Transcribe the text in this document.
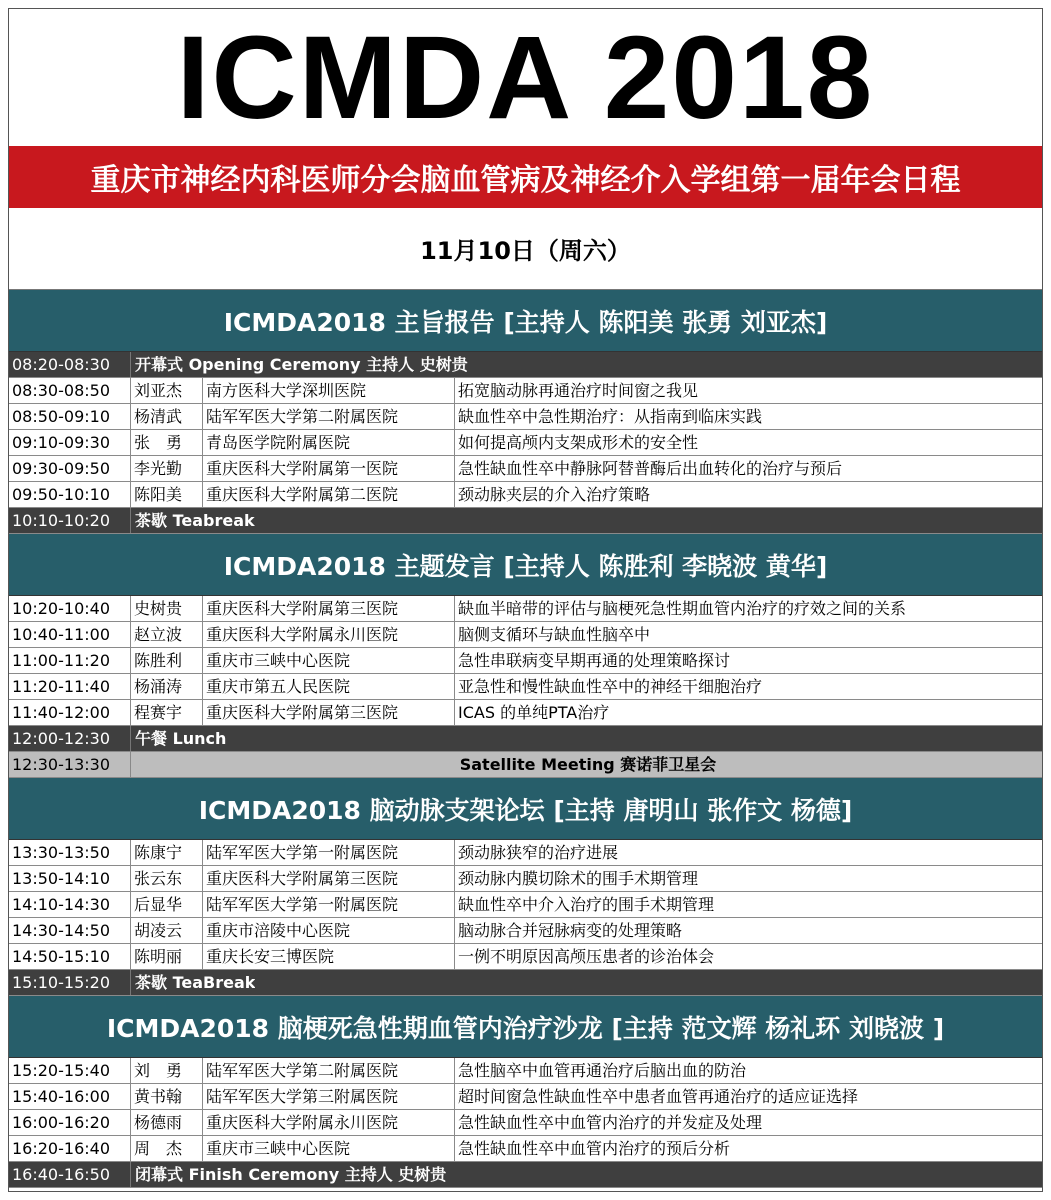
ICMDA 2018
重庆市神经内科医师分会脑血管病及神经介入学组第一届年会日程
11月10日（周六）
ICMDA2018 主旨报告 [主持人 陈阳美 张勇 刘亚杰]
08:20-08:30	开幕式 Opening Ceremony 主持人 史树贵
08:30-08:50	刘亚杰	南方医科大学深圳医院	拓宽脑动脉再通治疗时间窗之我见
08:50-09:10	杨清武	陆军军医大学第二附属医院	缺血性卒中急性期治疗：从指南到临床实践
09:10-09:30	张　勇	青岛医学院附属医院	如何提高颅内支架成形术的安全性
09:30-09:50	李光勤	重庆医科大学附属第一医院	急性缺血性卒中静脉阿替普酶后出血转化的治疗与预后
09:50-10:10	陈阳美	重庆医科大学附属第二医院	颈动脉夹层的介入治疗策略
10:10-10:20	茶歇 Teabreak
ICMDA2018 主题发言 [主持人 陈胜利 李晓波 黄华]
10:20-10:40	史树贵	重庆医科大学附属第三医院	缺血半暗带的评估与脑梗死急性期血管内治疗的疗效之间的关系
10:40-11:00	赵立波	重庆医科大学附属永川医院	脑侧支循环与缺血性脑卒中
11:00-11:20	陈胜利	重庆市三峡中心医院	急性串联病变早期再通的处理策略探讨
11:20-11:40	杨涌涛	重庆市第五人民医院	亚急性和慢性缺血性卒中的神经干细胞治疗
11:40-12:00	程赛宇	重庆医科大学附属第三医院	ICAS 的单纯PTA治疗
12:00-12:30	午餐 Lunch
12:30-13:30	Satellite Meeting 赛诺菲卫星会
ICMDA2018 脑动脉支架论坛 [主持 唐明山 张作文 杨德]
13:30-13:50	陈康宁	陆军军医大学第一附属医院	颈动脉狭窄的治疗进展
13:50-14:10	张云东	重庆医科大学附属第三医院	颈动脉内膜切除术的围手术期管理
14:10-14:30	后显华	陆军军医大学第一附属医院	缺血性卒中介入治疗的围手术期管理
14:30-14:50	胡凌云	重庆市涪陵中心医院	脑动脉合并冠脉病变的处理策略
14:50-15:10	陈明丽	重庆长安三博医院	一例不明原因高颅压患者的诊治体会
15:10-15:20	茶歇 TeaBreak
ICMDA2018 脑梗死急性期血管内治疗沙龙 [主持 范文辉 杨礼环 刘晓波 ]
15:20-15:40	刘　勇	陆军军医大学第二附属医院	急性脑卒中血管再通治疗后脑出血的防治
15:40-16:00	黄书翰	陆军军医大学第三附属医院	超时间窗急性缺血性卒中患者血管再通治疗的适应证选择
16:00-16:20	杨德雨	重庆医科大学附属永川医院	急性缺血性卒中血管内治疗的并发症及处理
16:20-16:40	周　杰	重庆市三峡中心医院	急性缺血性卒中血管内治疗的预后分析
16:40-16:50	闭幕式 Finish Ceremony 主持人 史树贵
